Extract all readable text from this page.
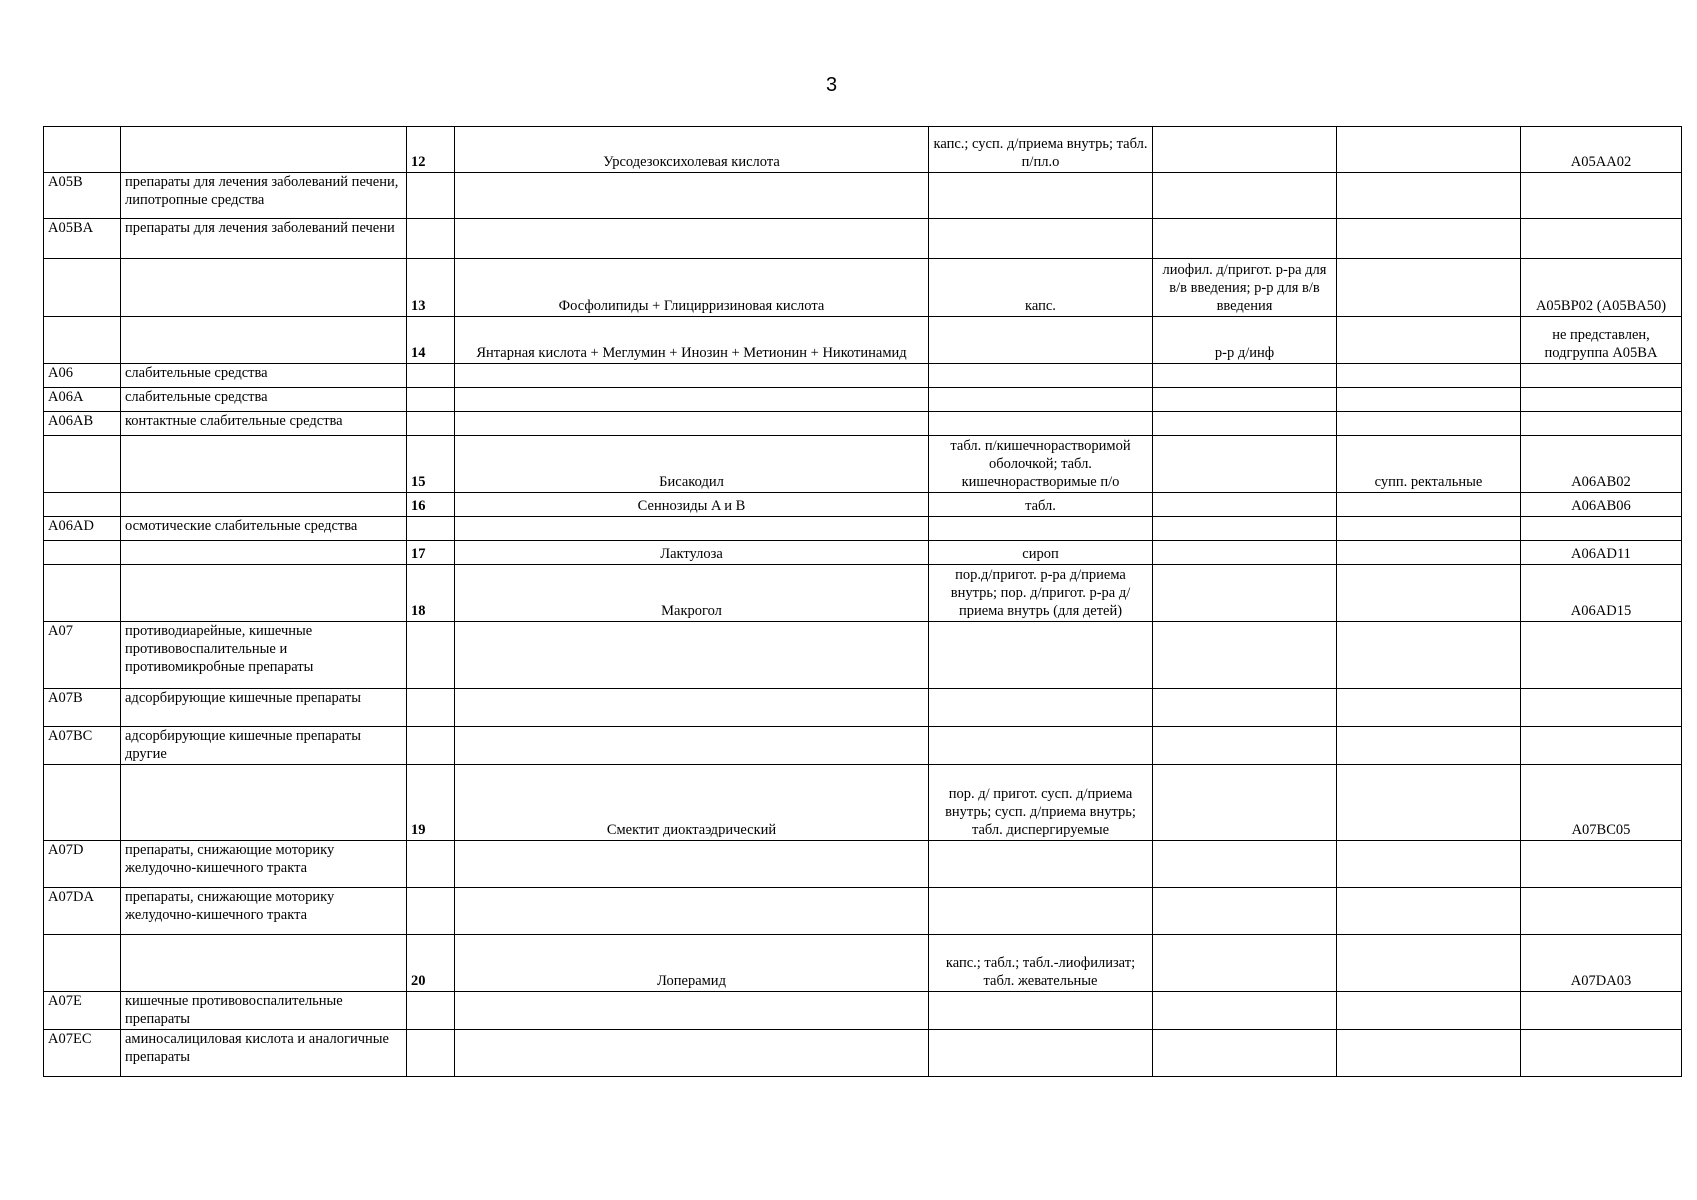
3
		12	Урсодезоксихолевая кислота	капс.; сусп. д/приема внутрь; табл. п/пл.о			A05AA02
A05B	препараты для лечения заболеваний печени, липотропные средства						
A05BA	препараты для лечения заболеваний печени						
		13	Фосфолипиды + Глицирризиновая кислота	капс.	лиофил. д/пригот. р-ра для в/в введения; р-р для в/в введения		A05BP02 (A05BA50)
		14	Янтарная кислота + Меглумин + Инозин + Метионин + Никотинамид		р-р д/инф		не представлен, подгруппа A05BA
A06	слабительные средства						
A06A	слабительные средства						
A06AB	контактные слабительные средства						
		15	Бисакодил	табл. п/кишечнорастворимой оболочкой; табл. кишечнорастворимые п/о		супп. ректальные	A06AB02
		16	Сеннозиды A и B	табл.			A06AB06
A06AD	осмотические слабительные средства						
		17	Лактулоза	сироп			A06AD11
		18	Макрогол	пор.д/пригот. р-ра д/приема внутрь; пор. д/пригот. р-ра д/приема внутрь (для детей)			A06AD15
A07	противодиарейные, кишечные противовоспалительные и противомикробные препараты						
A07B	адсорбирующие кишечные препараты						
A07BC	адсорбирующие кишечные препараты другие						
		19	Смектит диоктаэдрический	пор. д/ пригот. сусп. д/приема внутрь; сусп. д/приема внутрь; табл. диспергируемые			A07BC05
A07D	препараты, снижающие моторику желудочно-кишечного тракта						
A07DA	препараты, снижающие моторику желудочно-кишечного тракта						
		20	Лоперамид	капс.; табл.; табл.-лиофилизат; табл. жевательные			A07DA03
A07E	кишечные противовоспалительные препараты						
A07EC	аминосалициловая кислота и аналогичные препараты						
